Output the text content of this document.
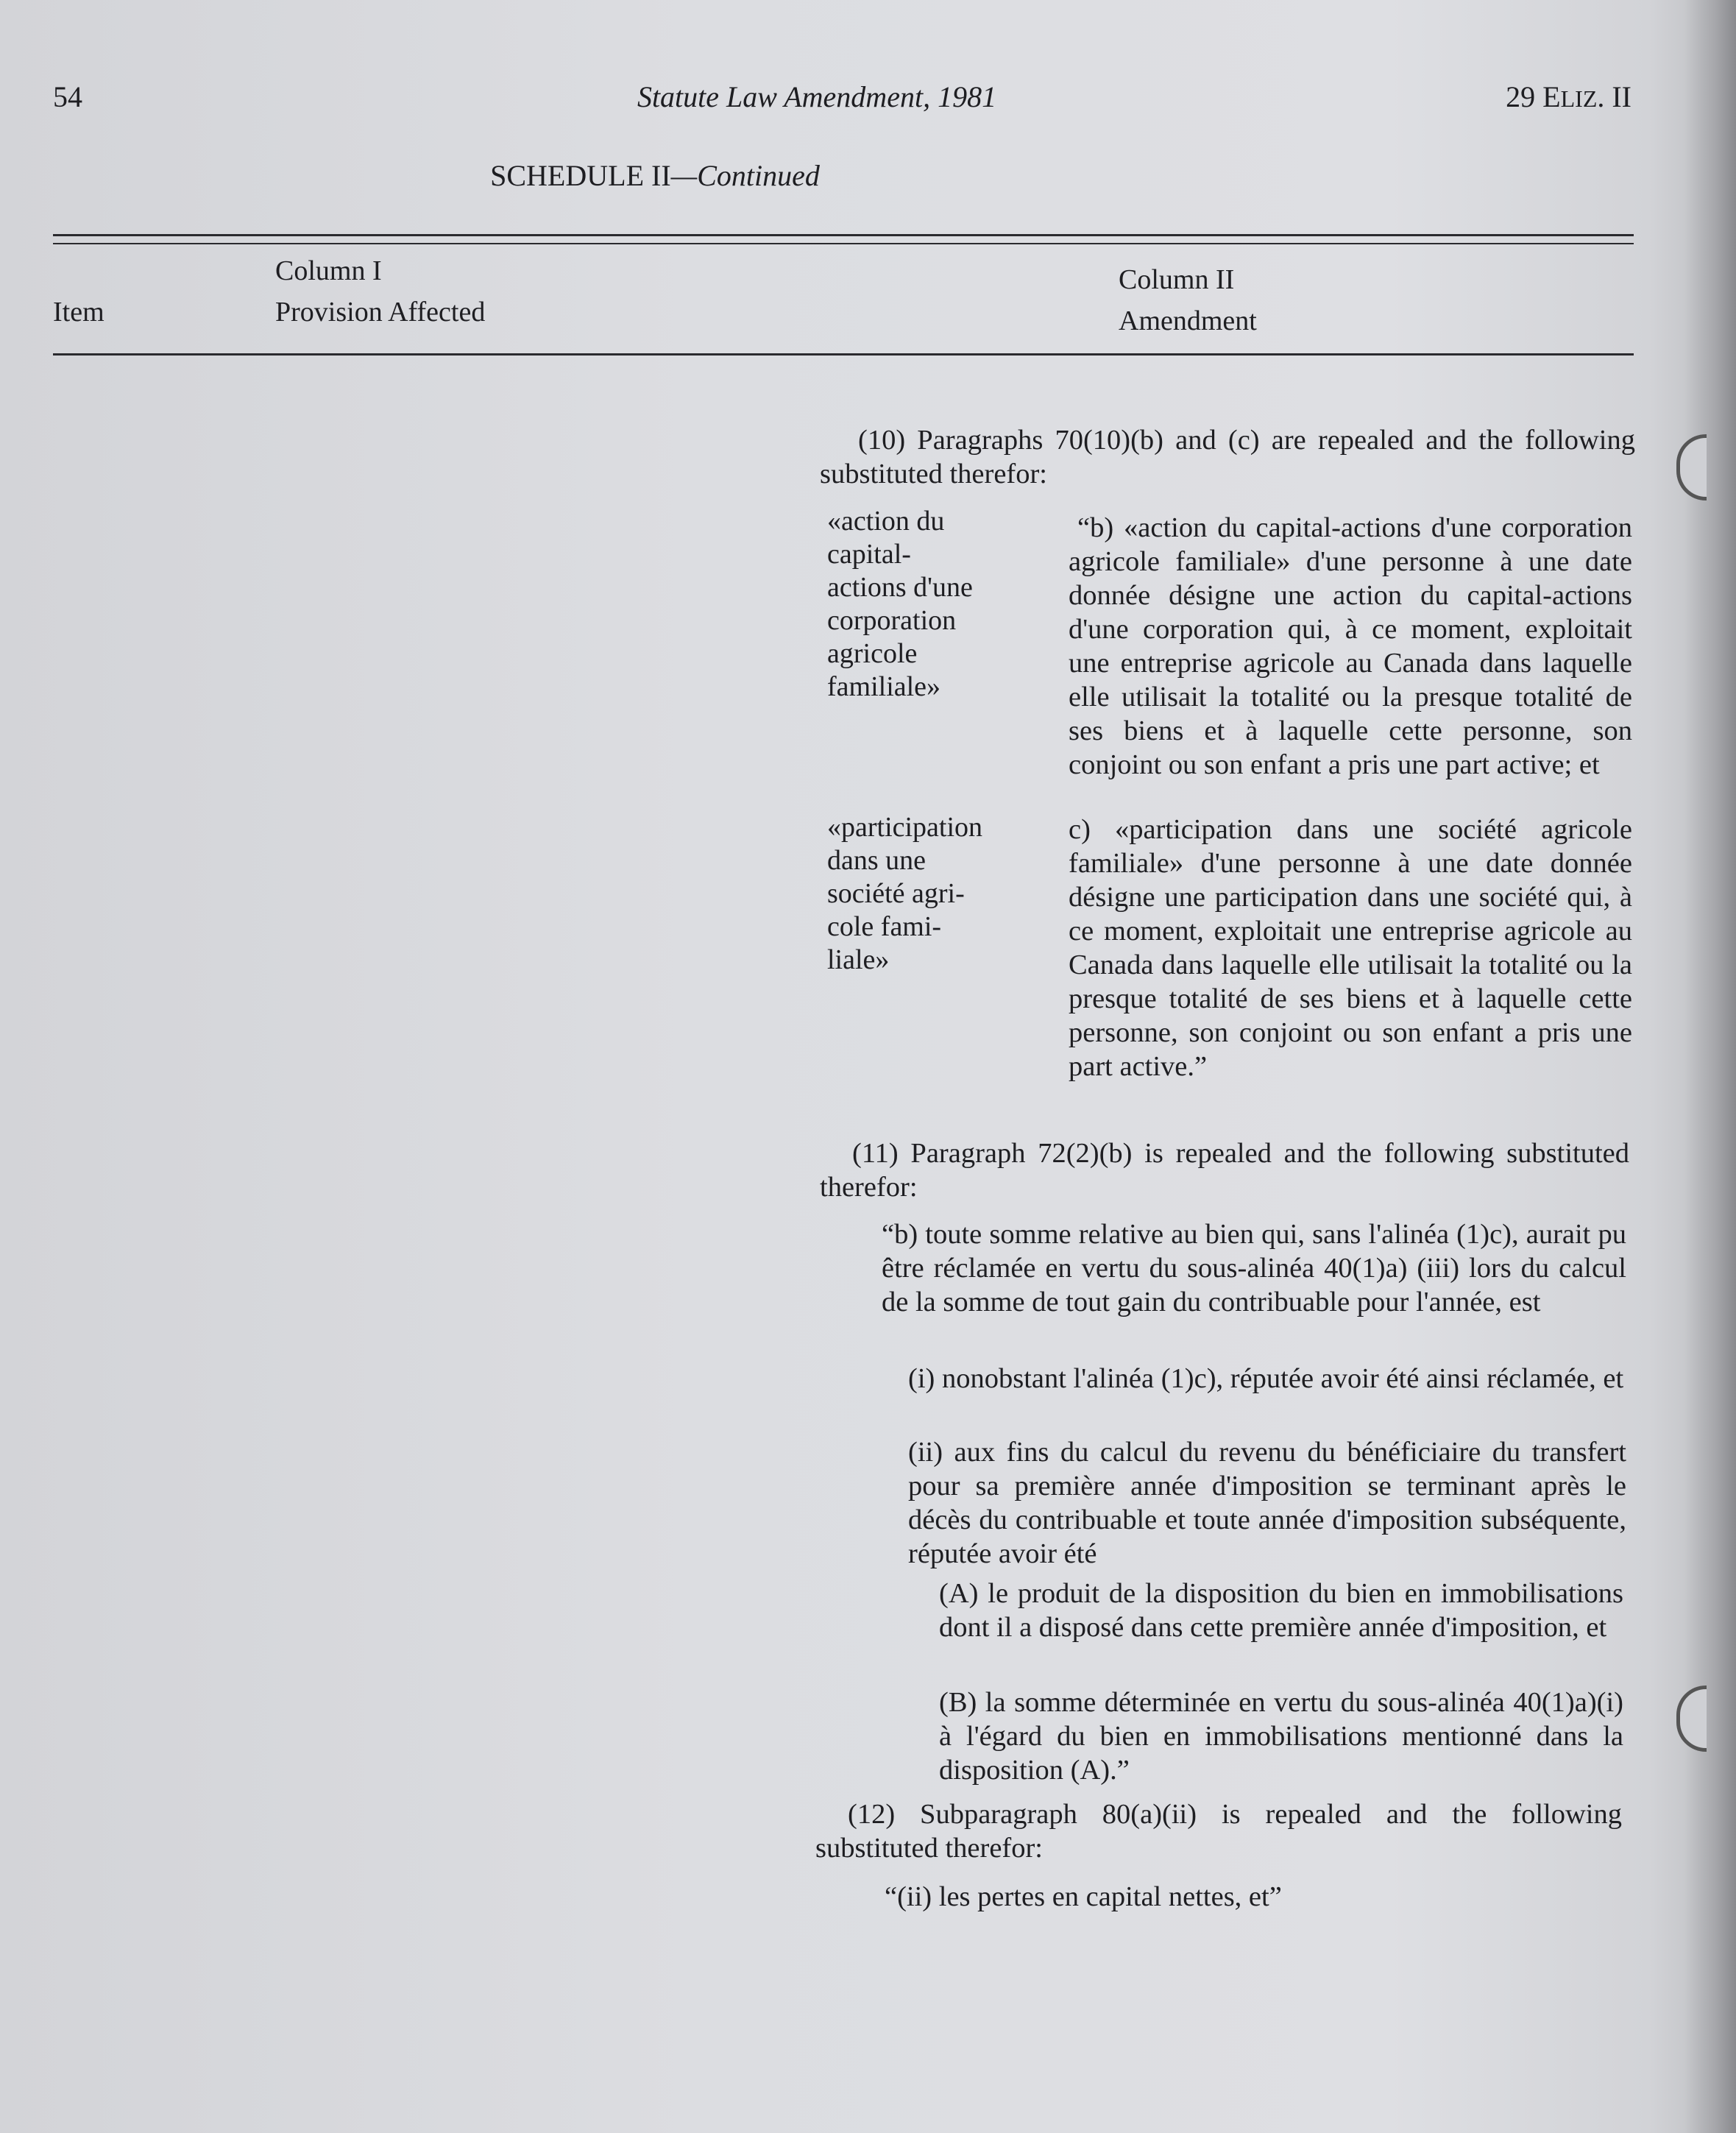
54	Statute Law Amendment, 1981	29 ELIZ. II
SCHEDULE II—Continued
Item
Column I
Provision Affected
Column II
Amendment
(10) Paragraphs 70(10)(b) and (c) are repealed and the following substituted therefor:
«action du
capital-
actions d'une
corporation
agricole
familiale»
“b) «action du capital-actions d'une corporation agricole familiale» d'une personne à une date donnée désigne une action du capital-actions d'une corporation qui, à ce moment, exploitait une entreprise agricole au Canada dans laquelle elle utilisait la totalité ou la presque totalité de ses biens et à laquelle cette personne, son conjoint ou son enfant a pris une part active; et
«participation
dans une
société agri-
cole fami-
liale»
c) «participation dans une société agricole familiale» d'une personne à une date donnée désigne une participation dans une société qui, à ce moment, exploitait une entreprise agricole au Canada dans laquelle elle utilisait la totalité ou la presque totalité de ses biens et à laquelle cette personne, son conjoint ou son enfant a pris une part active.”
(11) Paragraph 72(2)(b) is repealed and the following substituted therefor:
“b) toute somme relative au bien qui, sans l'alinéa (1)c), aurait pu être réclamée en vertu du sous-alinéa 40(1)a) (iii) lors du calcul de la somme de tout gain du contribuable pour l'année, est
(i) nonobstant l'alinéa (1)c), réputée avoir été ainsi réclamée, et
(ii) aux fins du calcul du revenu du bénéficiaire du transfert pour sa première année d'imposition se terminant après le décès du contribuable et toute année d'imposition subséquente, réputée avoir été
(A) le produit de la disposition du bien en immobilisations dont il a disposé dans cette première année d'imposition, et
(B) la somme déterminée en vertu du sous-alinéa 40(1)a)(i) à l'égard du bien en immobilisations mentionné dans la disposition (A).”
(12) Subparagraph 80(a)(ii) is repealed and the following substituted therefor:
“(ii) les pertes en capital nettes, et”
